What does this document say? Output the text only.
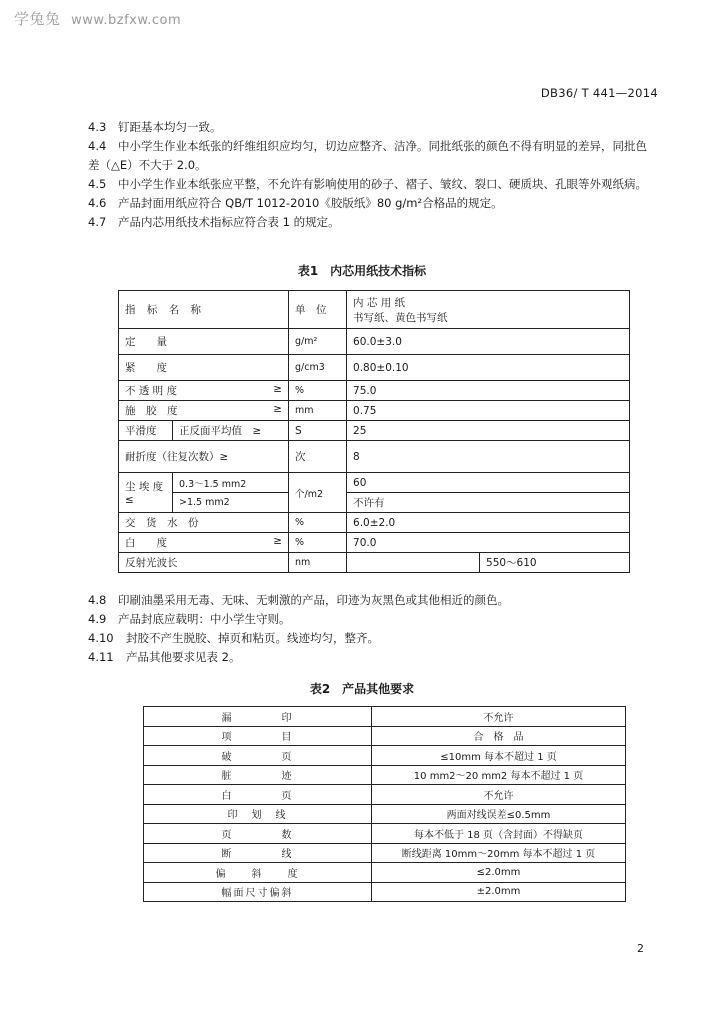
学兔兔 www.bzfxw.com
DB36/ T 441—2014

4.3 钉距基本均匀一致。

4.4 中小学生作业本纸张的纤维组织应均匀，切边应整齐、洁净。同批纸张的颜色不得有明显的差异，同批色差（△E）不大于 2.0。

4.5 中小学生作业本纸张应平整，不允许有影响使用的砂子、褶子、皱纹、裂口、硬质块、孔眼等外观纸病。

4.6 产品封面用纸应符合 QB/T 1012-2010《胶版纸》80 g/m²合格品的规定。

4.7 产品内芯用纸技术指标应符合表 1 的规定。

表1　内芯用纸技术指标
指 标 名 称		单　位	内 芯 用 纸
书写纸、黄色书写纸	

定　　量		g/m²	60.0±3.0	
紧　　度		g/cm3	0.80±0.10	

不 透 明 度 ≥		%	75.0	

施　胶　度 ≥		mm	0.75	
平滑度	正反面平均值　≥	S	25	
耐折度（往复次数）≥		次	8	

尘 埃 度
≤	0.3～1.5 mm2	个/m2	60	
	>1.5 mm2		不许有	
交　货　水　份		%	6.0±2.0	

白　　度 ≥		%	70.0	
反射光波长		nm		550～610

4.8 印刷油墨采用无毒、无味、无刺激的产品，印迹为灰黑色或其他相近的颜色。

4.9 产品封底应载明：中小学生守则。

4.10 封胶不产生脱胶、掉页和粘页。线迹均匀，整齐。

4.11 产品其他要求见表 2。

表2　产品其他要求
漏　　　　印	不允许
项　　　　目	合　格　品
破　　　　页	≤10mm 每本不超过 1 页
脏　　　　迹	10 mm2～20 mm2 每本不超过 1 页
白　　　　页	不允许
印　划　线	两面对线误差≤0.5mm
页　　　　数	每本不低于 18 页（含封面）不得缺页
断　　　　线	断线距离 10mm～20mm 每本不超过 1 页
偏　　斜　　度	≤2.0mm
幅面尺寸偏斜	±2.0mm
2
